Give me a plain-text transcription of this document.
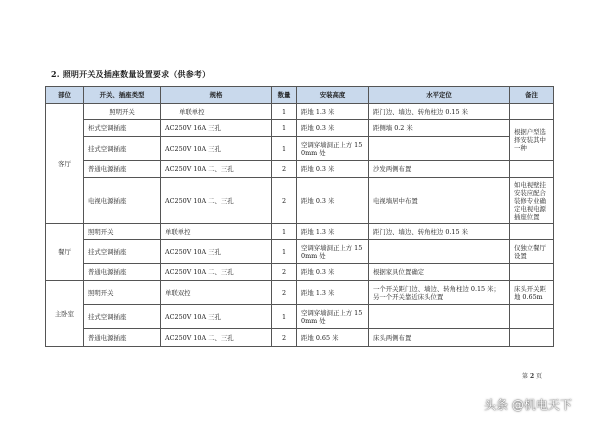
2. 照明开关及插座数量设置要求（供参考）
部位	开关、插座类型	规格	数量	安装高度	水平定位	备注
客厅	照明开关	单联单控	1	距地 1.3 米	距门边、墙边、转角柱边 0.15 米	
	柜式空调插座	AC250V 16A 三孔	1	距地 0.3 米	距侧墙 0.2 米	根据户型选择安装其中一种
	挂式空调插座	AC250V 10A 三孔	1	空调穿墙洞正上方 150mm 处		
	普通电源插座	AC250V 10A 二、三孔	2	距地 0.3 米	沙发两侧布置	
	电视电源插座	AC250V 10A 二、三孔	2	距地 0.3 米	电视墙居中布置	如电视壁挂安装应配合装修专业确定电视电源插座位置
餐厅	照明开关	单联单控	1	距地 1.3 米	距门边、墙边、转角柱边 0.15 米	
	挂式空调插座	AC250V 10A 三孔	1	空调穿墙洞正上方 150mm 处		仅独立餐厅设置
	普通电源插座	AC250V 10A 二、三孔	2	距地 0.3 米	根据家具位置确定	
主卧室	照明开关	单联双控	2	距地 1.3 米	一个开关距门边、墙边、转角柱边 0.15 米；另一个开关靠近床头位置	床头开关距地 0.65m
	挂式空调插座	AC250V 10A 三孔	1	空调穿墙洞正上方 150mm 处		
	普通电源插座	AC250V 10A 二、三孔	2	距地 0.65 米	床头两侧布置	
第 2 页
头条 @机电天下
